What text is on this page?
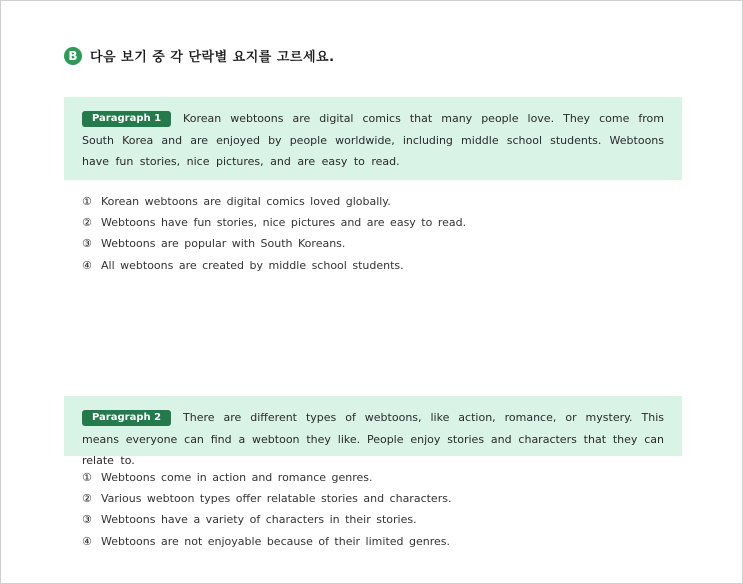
B 다음 보기 중 각 단락별 요지를 고르세요.
Paragraph 1 Korean webtoons are digital comics that many people love. They come from South Korea and are enjoyed by people worldwide, including middle school students. Webtoons have fun stories, nice pictures, and are easy to read.
① Korean webtoons are digital comics loved globally.
② Webtoons have fun stories, nice pictures and are easy to read.
③ Webtoons are popular with South Koreans.
④ All webtoons are created by middle school students.
Paragraph 2 There are different types of webtoons, like action, romance, or mystery. This means everyone can find a webtoon they like. People enjoy stories and characters that they can relate to.
① Webtoons come in action and romance genres.
② Various webtoon types offer relatable stories and characters.
③ Webtoons have a variety of characters in their stories.
④ Webtoons are not enjoyable because of their limited genres.
